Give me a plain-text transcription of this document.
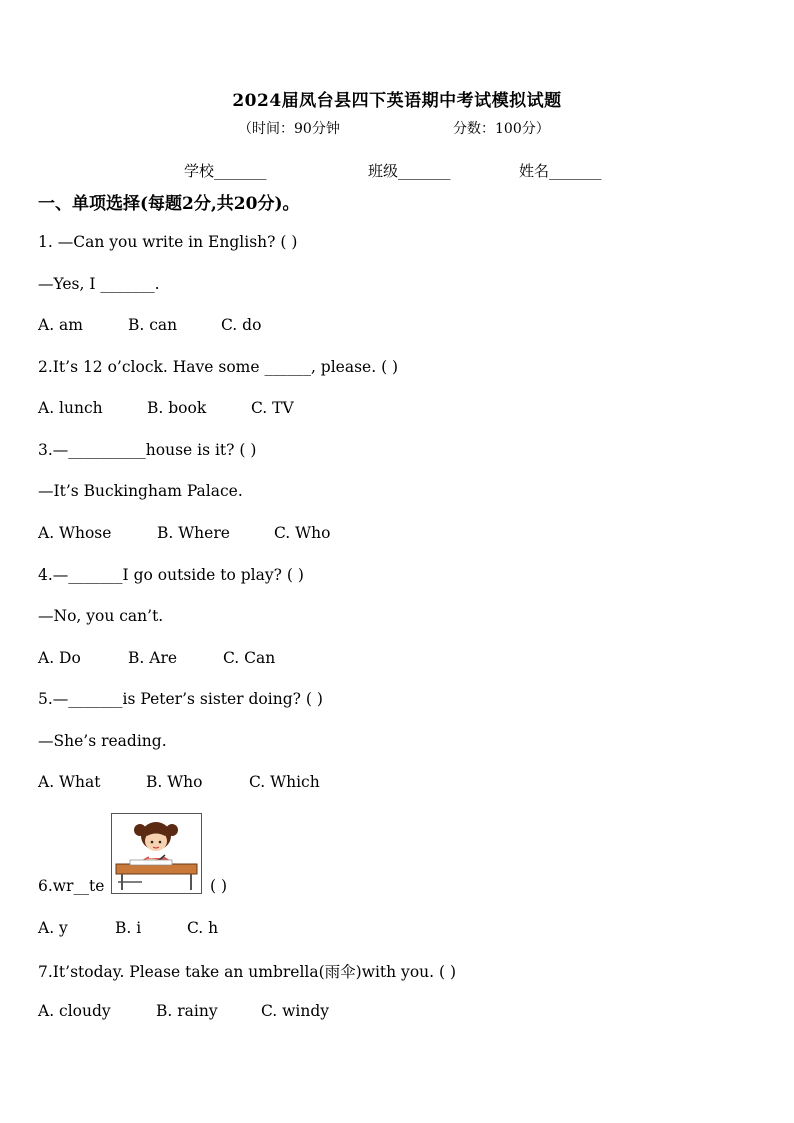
2024届凤台县四下英语期中考试模拟试题
（时间：90分钟	分数：100分）
学校_______	班级_______	姓名_______
一、单项选择(每题2分,共20分)。
1. —Can you write in English? ( )
—Yes, I _______.
A. am	B. can	C. do
2.It’s 12 o’clock. Have some ______, please. ( )
A. lunch	B. book	C. TV
3.—__________house is it? ( )
—It’s Buckingham Palace.
A. Whose	B. Where	C. Who
4.—_______I go outside to play? ( )
—No, you can’t.
A. Do	B. Are	C. Can
5.—_______is Peter’s sister doing? ( )
—She’s reading.
A. What	B. Who	C. Which
6.wr__te	( )
A. y	B. i	C. h
7.It’stoday. Please take an umbrella(雨伞)with you. ( )
A. cloudy	B. rainy	C. windy
